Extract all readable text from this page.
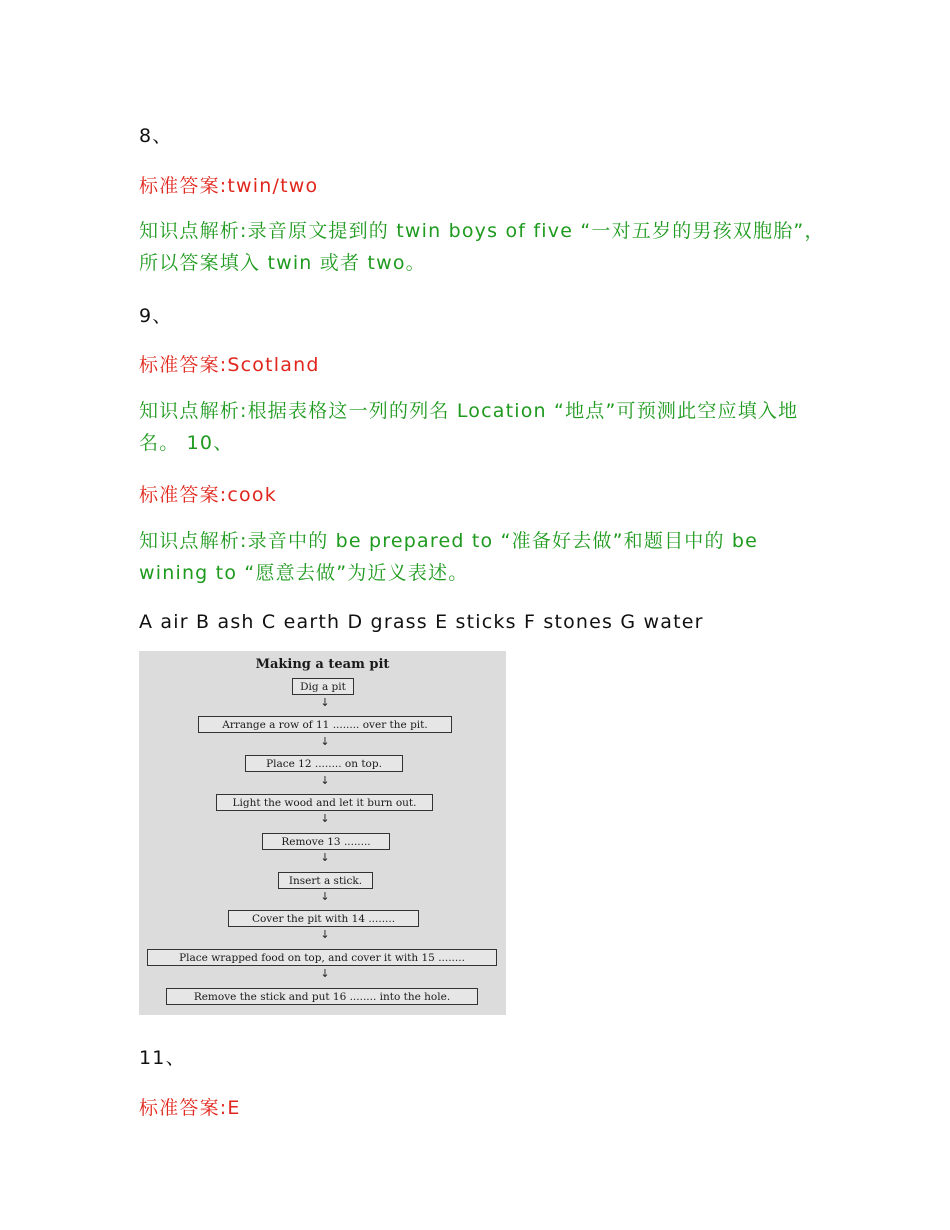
8、
标准答案:twin/two
知识点解析:录音原文提到的 twin boys of five “一对五岁的男孩双胞胎”，所以答案填入 twin 或者 two。
9、
标准答案:Scotland
知识点解析:根据表格这一列的列名 Location “地点”可预测此空应填入地名。 10、
标准答案:cook
知识点解析:录音中的 be prepared to “准备好去做”和题目中的 be wining to “愿意去做”为近义表述。
A air B ash C earth D grass E sticks F stones G water
Making a team pit
Dig a pit
↓
Arrange a row of 11 ........ over the pit.
↓
Place 12 ........ on top.
↓
Light the wood and let it burn out.
↓
Remove 13 ........
↓
Insert a stick.
↓
Cover the pit with 14 ........
↓
Place wrapped food on top, and cover it with 15 ........
↓
Remove the stick and put 16 ........ into the hole.
11、
标准答案:E
